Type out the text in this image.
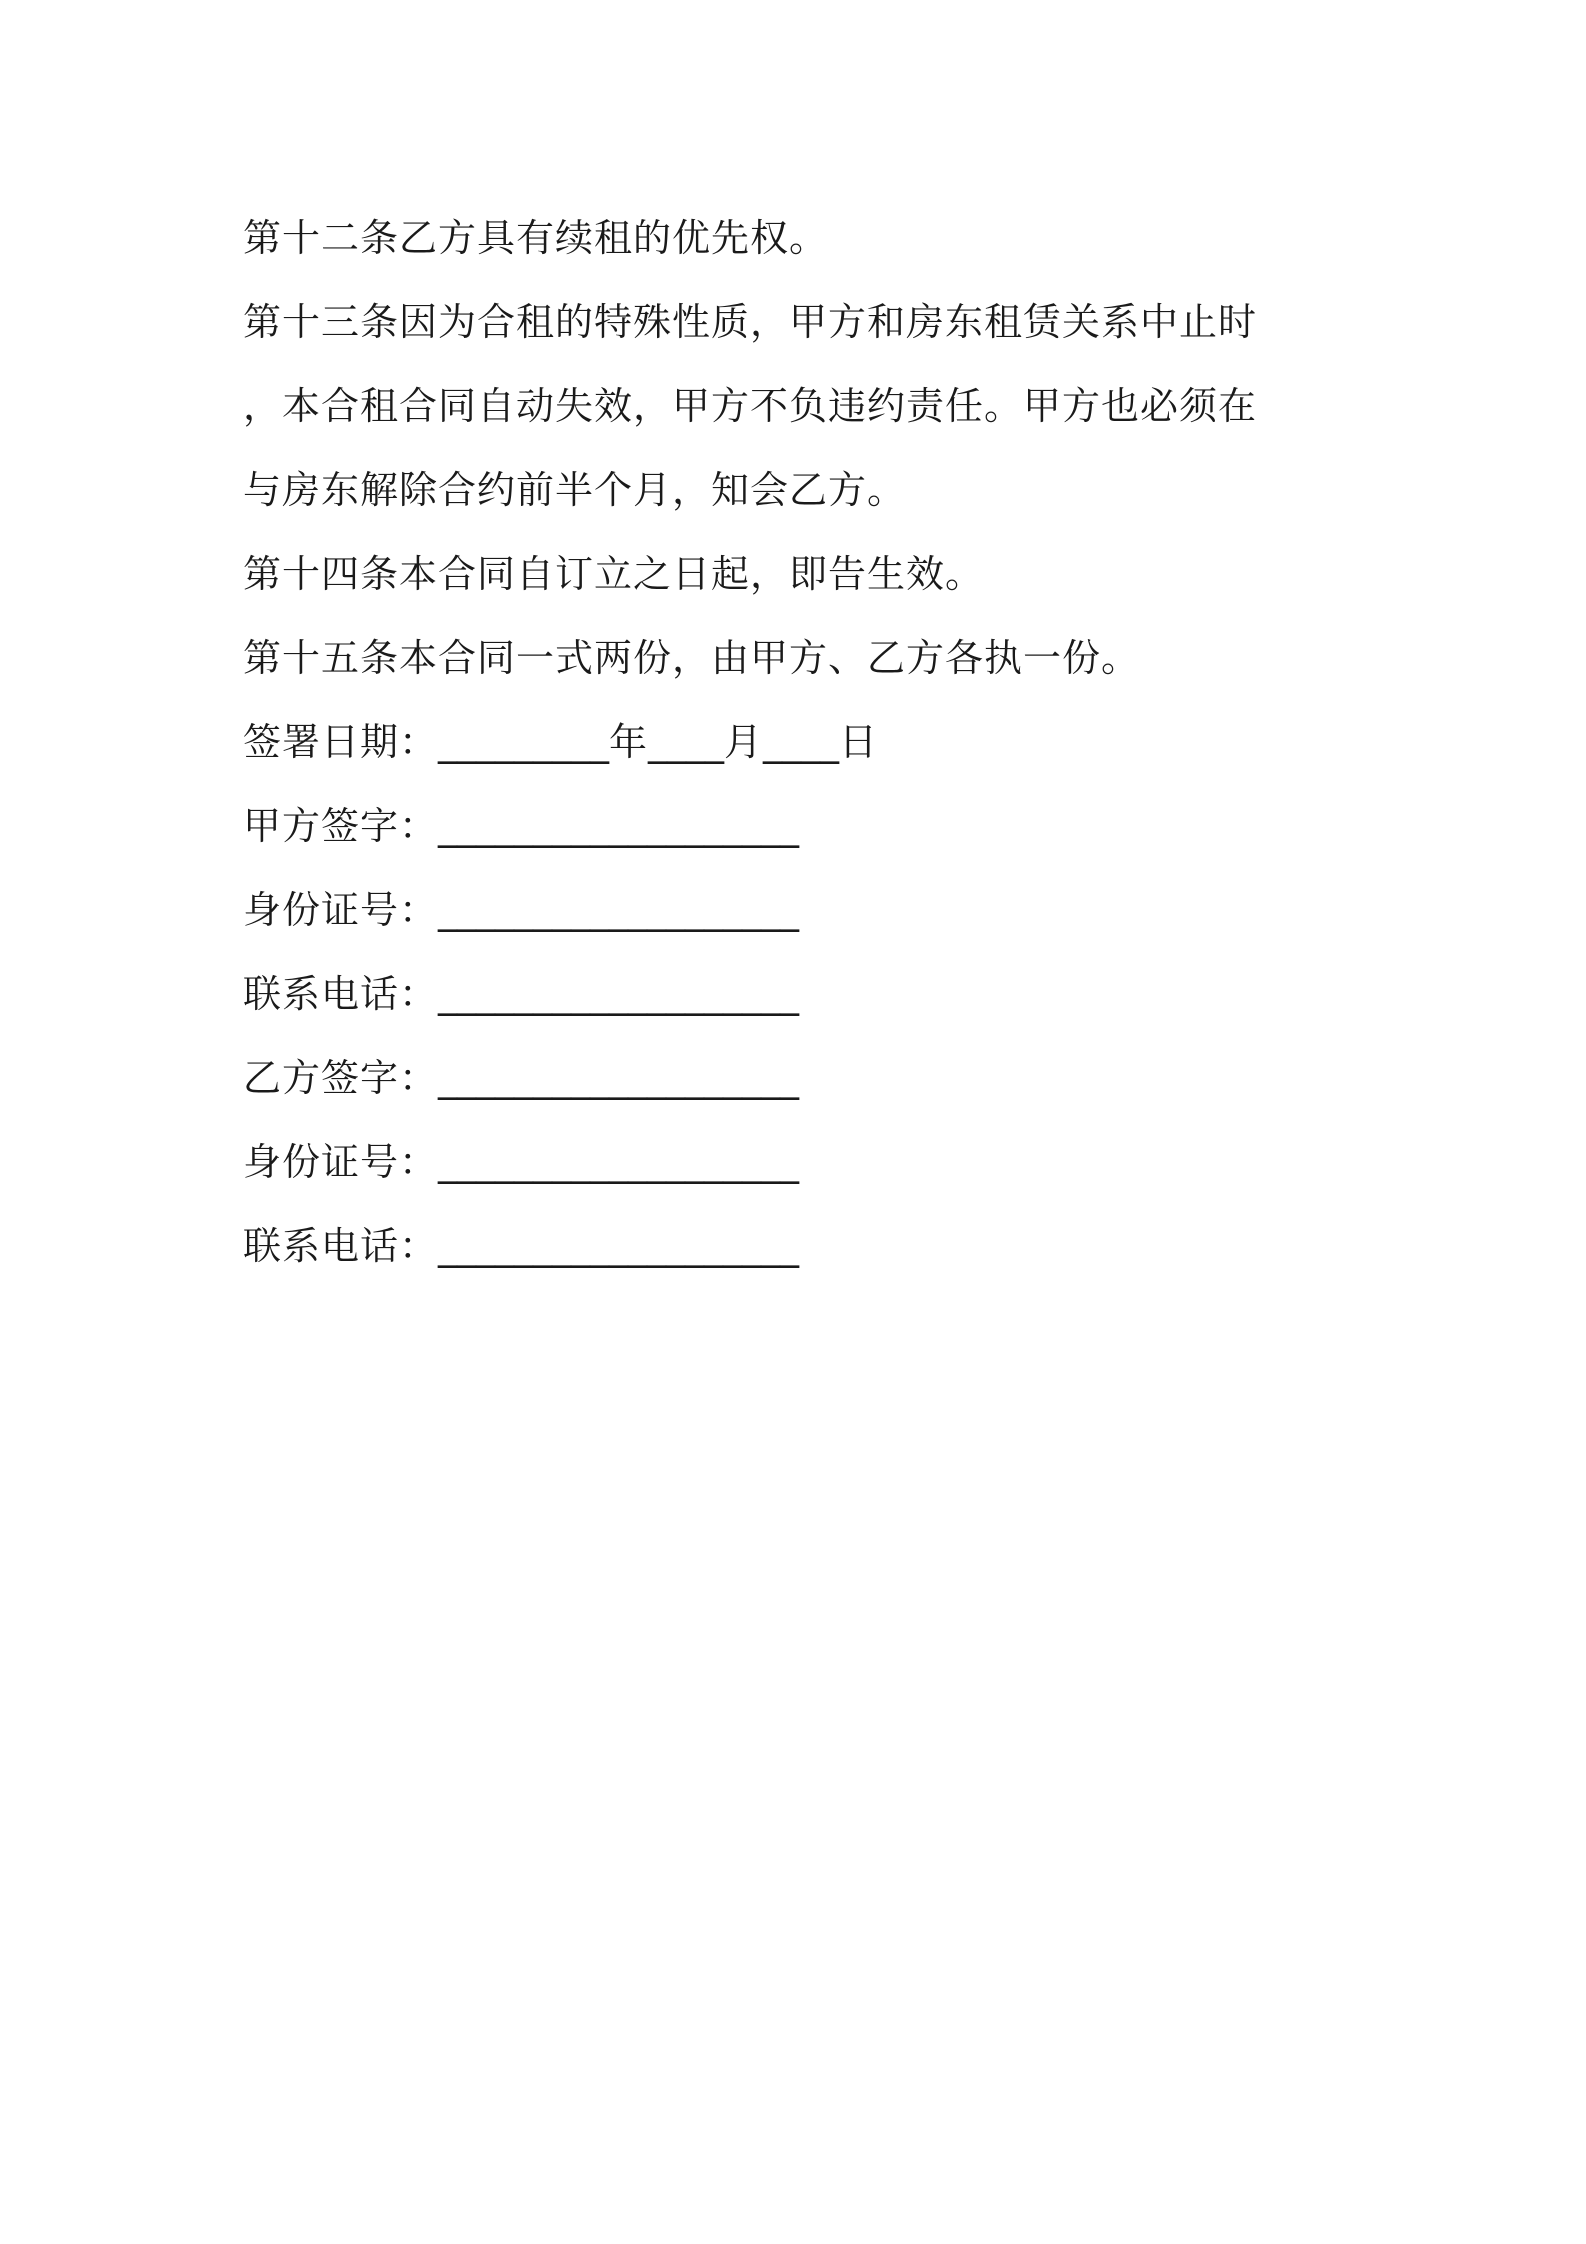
第十二条乙方具有续租的优先权。
第十三条因为合租的特殊性质，甲方和房东租赁关系中止时
，本合租合同自动失效，甲方不负违约责任。甲方也必须在
与房东解除合约前半个月，知会乙方。
第十四条本合同自订立之日起，即告生效。
第十五条本合同一式两份，由甲方、乙方各执一份。
签署日期：_________年____月____日
甲方签字：___________________
身份证号：___________________
联系电话：___________________
乙方签字：___________________
身份证号：___________________
联系电话：___________________
